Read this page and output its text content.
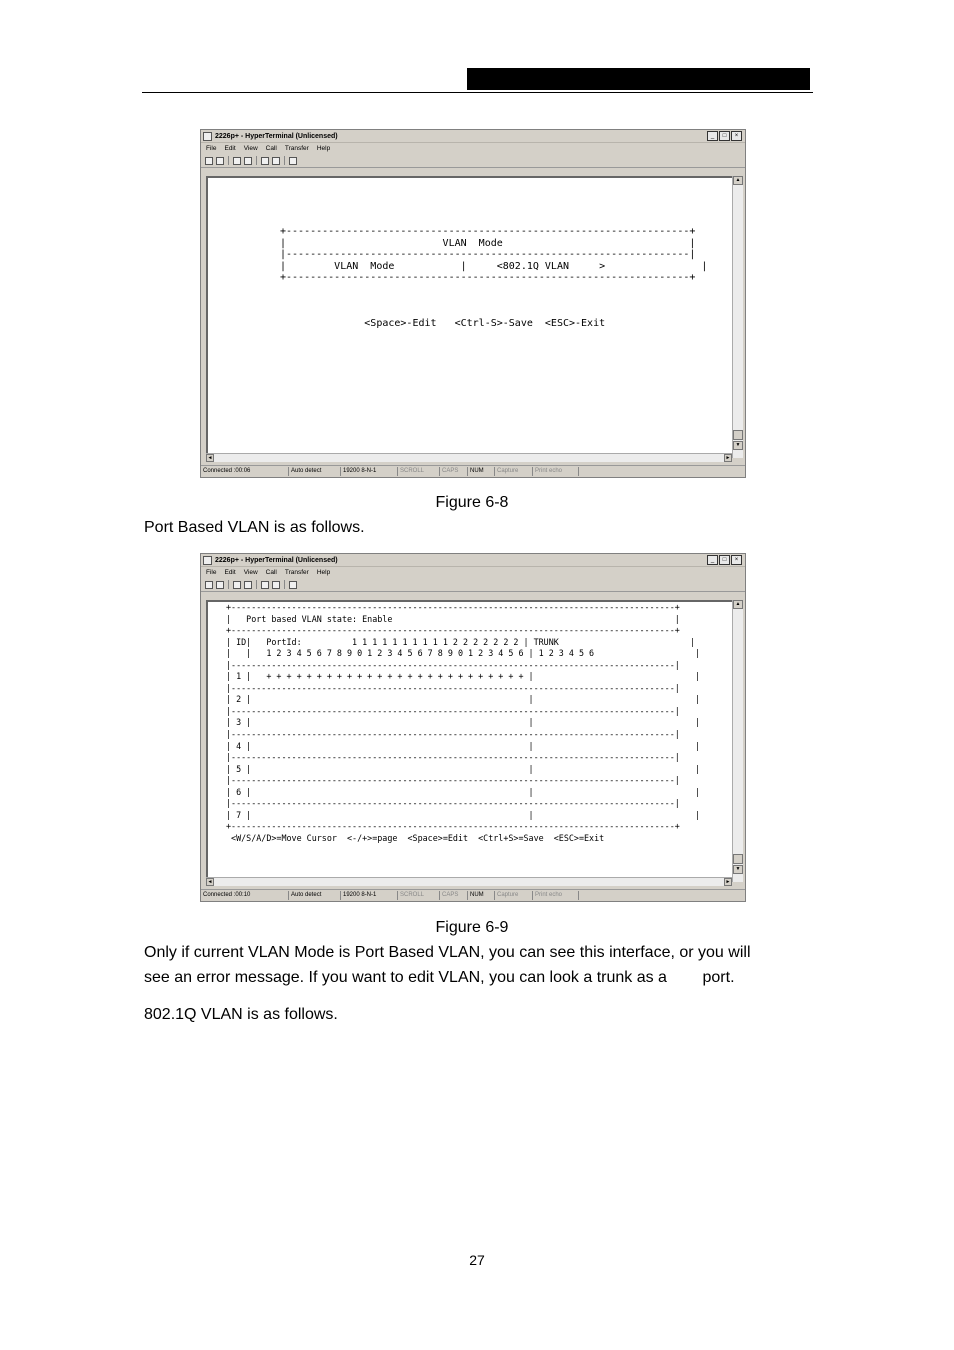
2226p+ - HyperTerminal (Unlicensed)	_	□	×
File Edit View Call Transfer Help
+-------------------------------------------------------------------+
|                          VLAN  Mode                               |
|-------------------------------------------------------------------|
|        VLAN  Mode           |     <802.1Q VLAN     >                |
+-------------------------------------------------------------------+

<Space>-Edit   <Ctrl-S>-Save  <ESC>-Exit
▲
▼
◄	►
Connected :00:06	Auto detect	19200 8-N-1	SCROLL	CAPS	NUM	Capture	Print echo
Figure 6-8
Port Based VLAN is as follows.
2226p+ - HyperTerminal (Unlicensed)	_	□	×
File Edit View Call Transfer Help
+----------------------------------------------------------------------------------------+
|   Port based VLAN state: Enable                                                        |
+----------------------------------------------------------------------------------------+
| ID|   PortId:          1 1 1 1 1 1 1 1 1 1 2 2 2 2 2 2 2 | TRUNK                          |
|   |   1 2 3 4 5 6 7 8 9 0 1 2 3 4 5 6 7 8 9 0 1 2 3 4 5 6 | 1 2 3 4 5 6                    |
|----------------------------------------------------------------------------------------|
| 1 |   + + + + + + + + + + + + + + + + + + + + + + + + + + |                                |
|----------------------------------------------------------------------------------------|
| 2 |                                                       |                                |
|----------------------------------------------------------------------------------------|
| 3 |                                                       |                                |
|----------------------------------------------------------------------------------------|
| 4 |                                                       |                                |
|----------------------------------------------------------------------------------------|
| 5 |                                                       |                                |
|----------------------------------------------------------------------------------------|
| 6 |                                                       |                                |
|----------------------------------------------------------------------------------------|
| 7 |                                                       |                                |
+----------------------------------------------------------------------------------------+
<W/S/A/D>=Move Cursor  <-/+>=page  <Space>=Edit  <Ctrl+S>=Save  <ESC>=Exit
▲
▼
◄	►
Connected :00:10	Auto detect	19200 8-N-1	SCROLL	CAPS	NUM	Capture	Print echo
Figure 6-9
Only if current VLAN Mode is Port Based VLAN, you can see this interface, or you will
see an error message. If you want to edit VLAN, you can look a trunk as a        port.
802.1Q VLAN is as follows.
27
